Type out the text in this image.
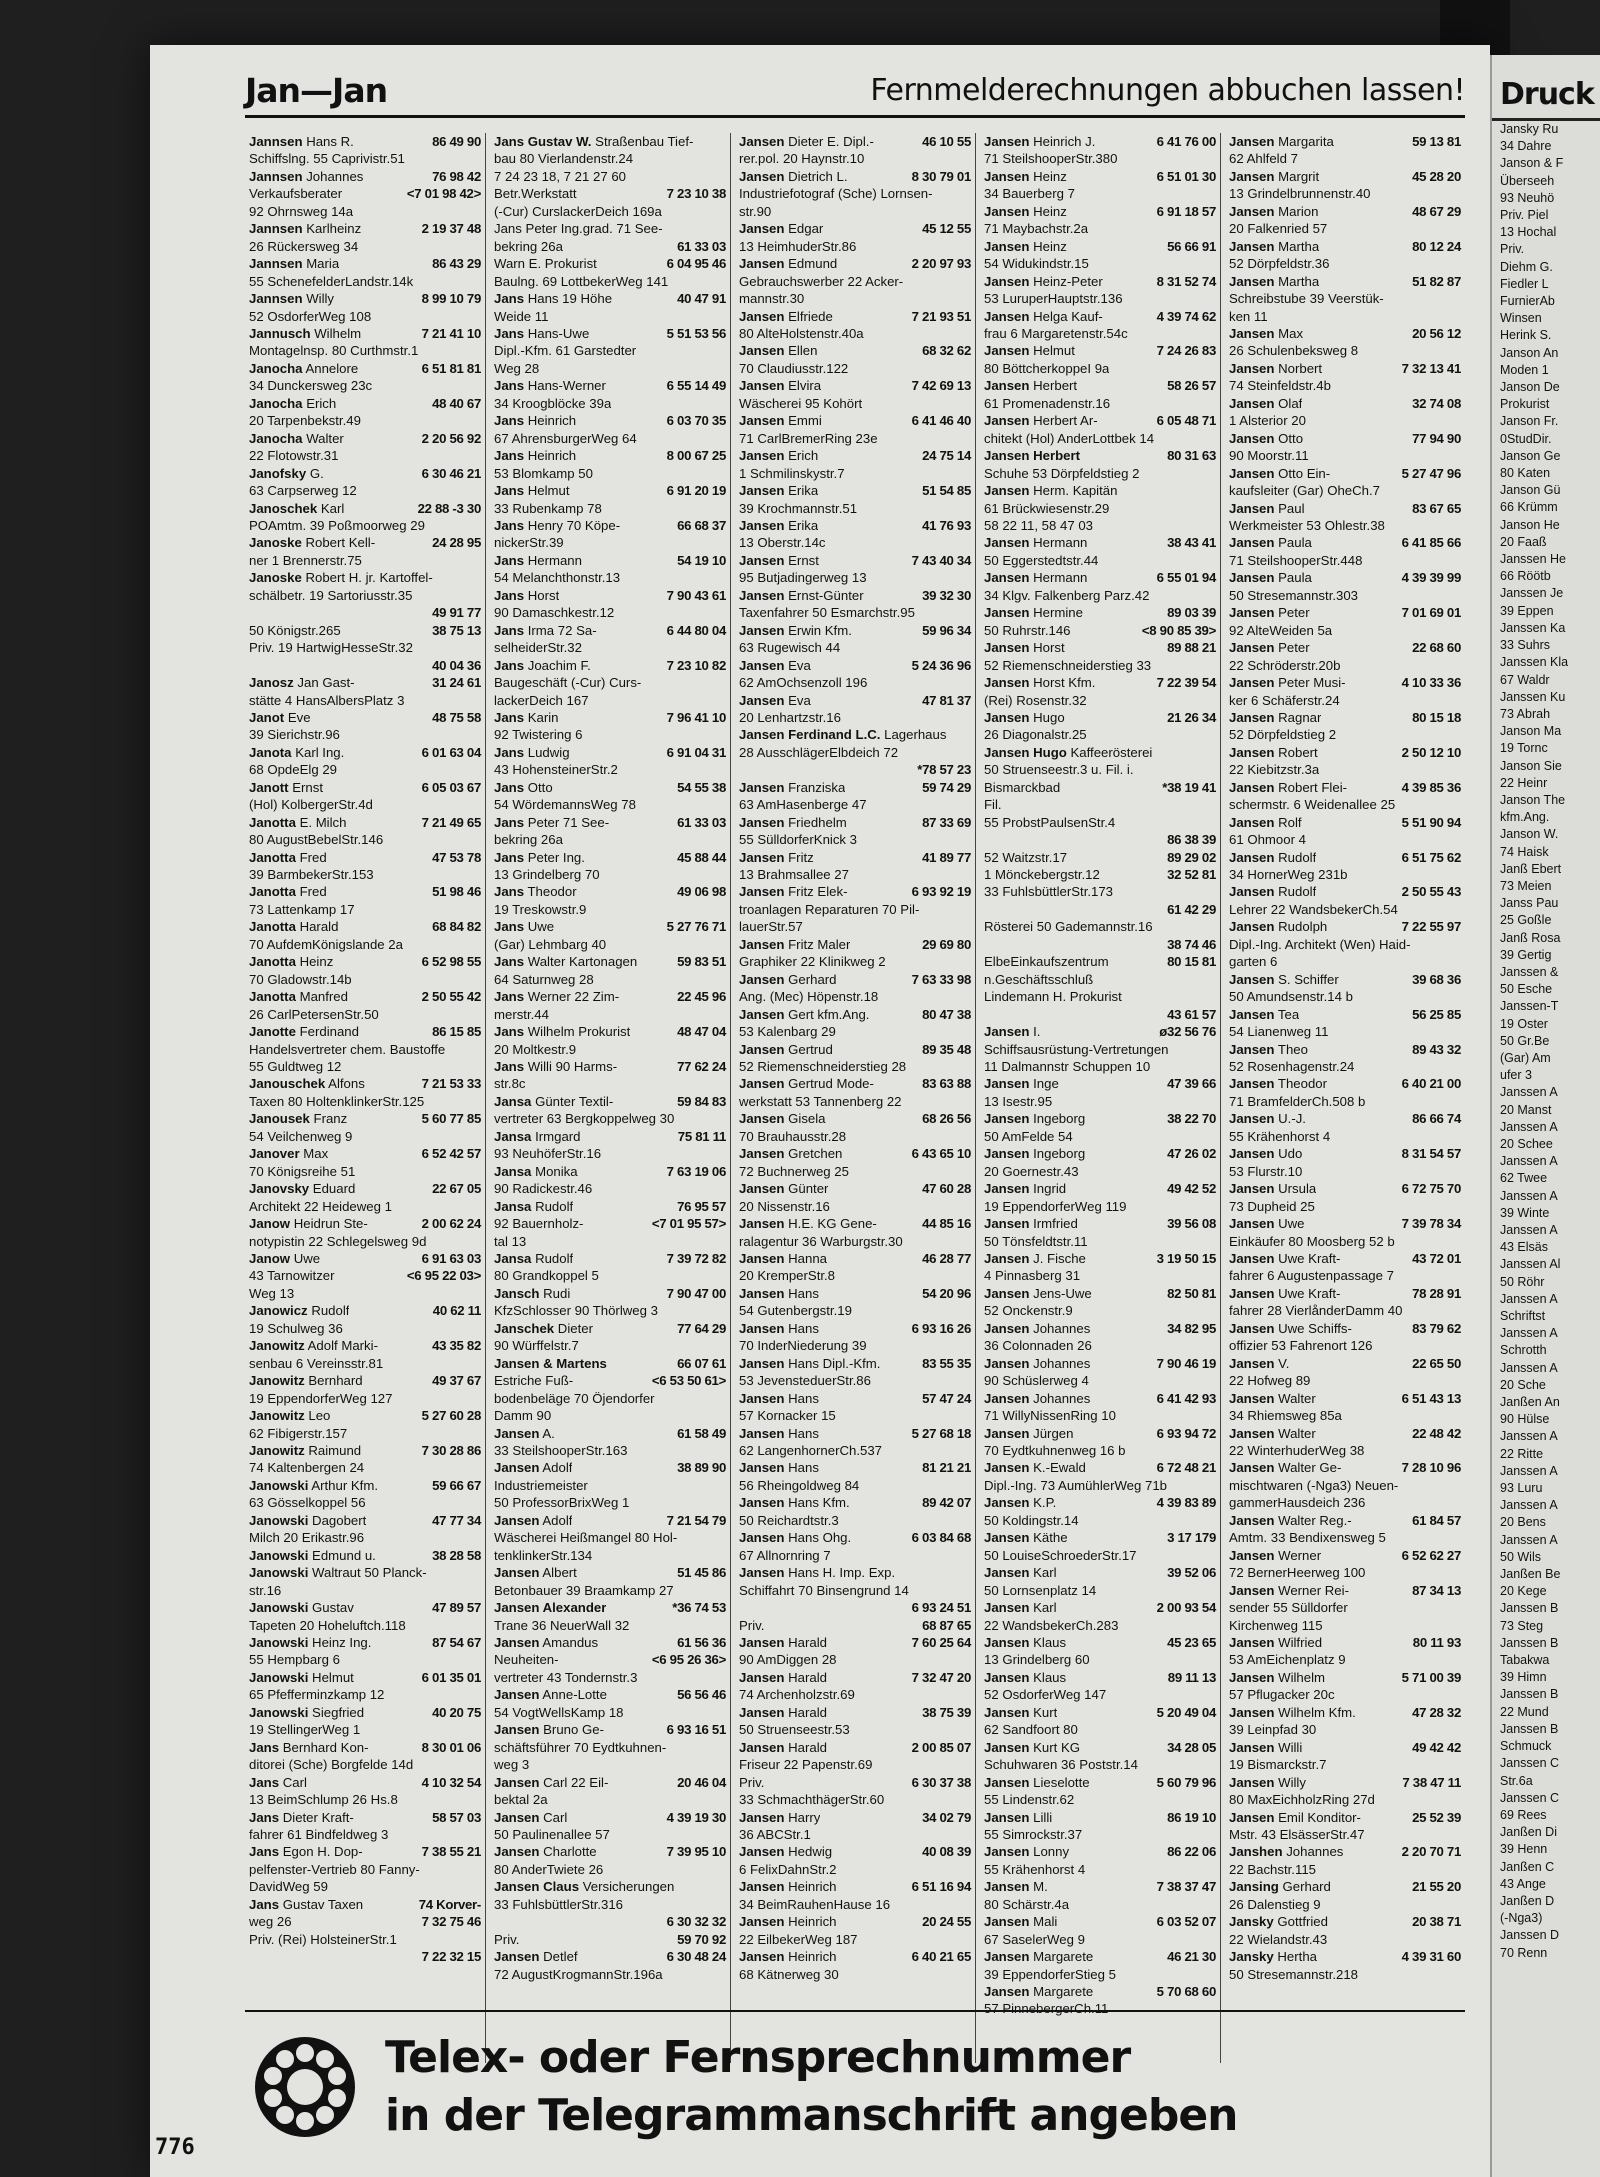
Jan—Jan	Fernmelderechnungen abbuchen lassen!
Jannsen Hans R.	86 49 90
Schiffslng. 55 Caprivistr.51
Jannsen Johannes	76 98 42
Verkaufsberater	<7 01 98 42>
92 Ohrnsweg 14a
Jannsen Karlheinz	2 19 37 48
26 Rückersweg 34
Jannsen Maria	86 43 29
55 SchenefelderLandstr.14k
Jannsen Willy	8 99 10 79
52 OsdorferWeg 108
Jannusch Wilhelm	7 21 41 10
Montagelnsp. 80 Curthmstr.1
Janocha Annelore	6 51 81 81
34 Dunckersweg 23c
Janocha Erich	48 40 67
20 Tarpenbekstr.49
Janocha Walter	2 20 56 92
22 Flotowstr.31
Janofsky G.	6 30 46 21
63 Carpserweg 12
Janoschek Karl	22 88 -3 30
POAmtm. 39 Poßmoorweg 29
Janoske Robert Kell-	24 28 95
ner 1 Brennerstr.75
Janoske Robert H. jr. Kartoffel-
schälbetr. 19 Sartoriusstr.35
49 91 77
50 Königstr.265	38 75 13
Priv. 19 HartwigHesseStr.32
40 04 36
Janosz Jan Gast-	31 24 61
stätte 4 HansAlbersPlatz 3
Janot Eve	48 75 58
39 Sierichstr.96
Janota Karl Ing.	6 01 63 04
68 OpdeElg 29
Janott Ernst	6 05 03 67
(Hol) KolbergerStr.4d
Janotta E. Milch	7 21 49 65
80 AugustBebelStr.146
Janotta Fred	47 53 78
39 BarmbekerStr.153
Janotta Fred	51 98 46
73 Lattenkamp 17
Janotta Harald	68 84 82
70 AufdemKönigslande 2a
Janotta Heinz	6 52 98 55
70 Gladowstr.14b
Janotta Manfred	2 50 55 42
26 CarlPetersenStr.50
Janotte Ferdinand	86 15 85
Handelsvertreter chem. Baustoffe
55 Guldtweg 12
Janouschek Alfons	7 21 53 33
Taxen 80 HoltenklinkerStr.125
Janousek Franz	5 60 77 85
54 Veilchenweg 9
Janover Max	6 52 42 57
70 Königsreihe 51
Janovsky Eduard	22 67 05
Architekt 22 Heideweg 1
Janow Heidrun Ste-	2 00 62 24
notypistin 22 Schlegelsweg 9d
Janow Uwe	6 91 63 03
43 Tarnowitzer	<6 95 22 03>
Weg 13
Janowicz Rudolf	40 62 11
19 Schulweg 36
Janowitz Adolf Marki-	43 35 82
senbau 6 Vereinsstr.81
Janowitz Bernhard	49 37 67
19 EppendorferWeg 127
Janowitz Leo	5 27 60 28
62 Fibigerstr.157
Janowitz Raimund	7 30 28 86
74 Kaltenbergen 24
Janowski Arthur Kfm.	59 66 67
63 Gösselkoppel 56
Janowski Dagobert	47 77 34
Milch 20 Erikastr.96
Janowski Edmund u.	38 28 58
Janowski Waltraut 50 Planck-
str.16
Janowski Gustav	47 89 57
Tapeten 20 Hoheluftch.118
Janowski Heinz Ing.	87 54 67
55 Hempbarg 6
Janowski Helmut	6 01 35 01
65 Pfefferminzkamp 12
Janowski Siegfried	40 20 75
19 StellingerWeg 1
Jans Bernhard Kon-	8 30 01 06
ditorei (Sche) Borgfelde 14d
Jans Carl	4 10 32 54
13 BeimSchlump 26 Hs.8
Jans Dieter Kraft-	58 57 03
fahrer 61 Bindfeldweg 3
Jans Egon H. Dop-	7 38 55 21
pelfenster-Vertrieb 80 Fanny-
DavidWeg 59
Jans Gustav Taxen	74 Korver-
weg 26	7 32 75 46
Priv. (Rei) HolsteinerStr.1
7 22 32 15
Jans Gustav W. Straßenbau Tief-
bau 80 Vierlandenstr.24
7 24 23 18, 7 21 27 60
Betr.Werkstatt	7 23 10 38
(-Cur) CurslackerDeich 169a
Jans Peter Ing.grad. 71 See-
bekring 26a	61 33 03
Warn E. Prokurist	6 04 95 46
Baulng. 69 LottbekerWeg 141
Jans Hans 19 Höhe	40 47 91
Weide 11
Jans Hans-Uwe	5 51 53 56
Dipl.-Kfm. 61 Garstedter
Weg 28
Jans Hans-Werner	6 55 14 49
34 Kroogblöcke 39a
Jans Heinrich	6 03 70 35
67 AhrensburgerWeg 64
Jans Heinrich	8 00 67 25
53 Blomkamp 50
Jans Helmut	6 91 20 19
33 Rubenkamp 78
Jans Henry 70 Köpe-	66 68 37
nickerStr.39
Jans Hermann	54 19 10
54 Melanchthonstr.13
Jans Horst	7 90 43 61
90 Damaschkestr.12
Jans Irma 72 Sa-	6 44 80 04
selheiderStr.32
Jans Joachim F.	7 23 10 82
Baugeschäft (-Cur) Curs-
lackerDeich 167
Jans Karin	7 96 41 10
92 Twistering 6
Jans Ludwig	6 91 04 31
43 HohensteinerStr.2
Jans Otto	54 55 38
54 WördemannsWeg 78
Jans Peter 71 See-	61 33 03
bekring 26a
Jans Peter Ing.	45 88 44
13 Grindelberg 70
Jans Theodor	49 06 98
19 Treskowstr.9
Jans Uwe	5 27 76 71
(Gar) Lehmbarg 40
Jans Walter Kartonagen	59 83 51
64 Saturnweg 28
Jans Werner 22 Zim-	22 45 96
merstr.44
Jans Wilhelm Prokurist	48 47 04
20 Moltkestr.9
Jans Willi 90 Harms-	77 62 24
str.8c
Jansa Günter Textil-	59 84 83
vertreter 63 Bergkoppelweg 30
Jansa Irmgard	75 81 11
93 NeuhöferStr.16
Jansa Monika	7 63 19 06
90 Radickestr.46
Jansa Rudolf	76 95 57
92 Bauernholz-	<7 01 95 57>
tal 13
Jansa Rudolf	7 39 72 82
80 Grandkoppel 5
Jansch Rudi	7 90 47 00
KfzSchlosser 90 Thörlweg 3
Janschek Dieter	77 64 29
90 Würffelstr.7
Jansen & Martens	66 07 61
Estriche Fuß-	<6 53 50 61>
bodenbeläge 70 Öjendorfer
Damm 90
Jansen A.	61 58 49
33 SteilshooperStr.163
Jansen Adolf	38 89 90
Industriemeister
50 ProfessorBrixWeg 1
Jansen Adolf	7 21 54 79
Wäscherei Heißmangel 80 Hol-
tenklinkerStr.134
Jansen Albert	51 45 86
Betonbauer 39 Braamkamp 27
Jansen Alexander	*36 74 53
Trane 36 NeuerWall 32
Jansen Amandus	61 56 36
Neuheiten-	<6 95 26 36>
vertreter 43 Tondernstr.3
Jansen Anne-Lotte	56 56 46
54 VogtWellsKamp 18
Jansen Bruno Ge-	6 93 16 51
schäftsführer 70 Eydtkuhnen-
weg 3
Jansen Carl 22 Eil-	20 46 04
bektal 2a
Jansen Carl	4 39 19 30
50 Paulinenallee 57
Jansen Charlotte	7 39 95 10
80 AnderTwiete 26
Jansen Claus Versicherungen
33 FuhlsbüttlerStr.316
6 30 32 32
Priv.	59 70 92
Jansen Detlef	6 30 48 24
72 AugustKrogmannStr.196a
Jansen Dieter E. Dipl.-	46 10 55
rer.pol. 20 Haynstr.10
Jansen Dietrich L.	8 30 79 01
Industriefotograf (Sche) Lornsen-
str.90
Jansen Edgar	45 12 55
13 HeimhuderStr.86
Jansen Edmund	2 20 97 93
Gebrauchswerber 22 Acker-
mannstr.30
Jansen Elfriede	7 21 93 51
80 AlteHolstenstr.40a
Jansen Ellen	68 32 62
70 Claudiusstr.122
Jansen Elvira	7 42 69 13
Wäscherei 95 Kohört
Jansen Emmi	6 41 46 40
71 CarlBremerRing 23e
Jansen Erich	24 75 14
1 Schmilinskystr.7
Jansen Erika	51 54 85
39 Krochmannstr.51
Jansen Erika	41 76 93
13 Oberstr.14c
Jansen Ernst	7 43 40 34
95 Butjadingerweg 13
Jansen Ernst-Günter	39 32 30
Taxenfahrer 50 Esmarchstr.95
Jansen Erwin Kfm.	59 96 34
63 Rugewisch 44
Jansen Eva	5 24 36 96
62 AmOchsenzoll 196
Jansen Eva	47 81 37
20 Lenhartzstr.16
Jansen Ferdinand L.C. Lagerhaus
28 AusschlägerElbdeich 72
*78 57 23
Jansen Franziska	59 74 29
63 AmHasenberge 47
Jansen Friedhelm	87 33 69
55 SülldorferKnick 3
Jansen Fritz	41 89 77
13 Brahmsallee 27
Jansen Fritz Elek-	6 93 92 19
troanlagen Reparaturen 70 Pil-
lauerStr.57
Jansen Fritz Maler	29 69 80
Graphiker 22 Klinikweg 2
Jansen Gerhard	7 63 33 98
Ang. (Mec) Höpenstr.18
Jansen Gert kfm.Ang.	80 47 38
53 Kalenbarg 29
Jansen Gertrud	89 35 48
52 Riemenschneiderstieg 28
Jansen Gertrud Mode-	83 63 88
werkstatt 53 Tannenberg 22
Jansen Gisela	68 26 56
70 Brauhausstr.28
Jansen Gretchen	6 43 65 10
72 Buchnerweg 25
Jansen Günter	47 60 28
20 Nissenstr.16
Jansen H.E. KG Gene-	44 85 16
ralagentur 36 Warburgstr.30
Jansen Hanna	46 28 77
20 KremperStr.8
Jansen Hans	54 20 96
54 Gutenbergstr.19
Jansen Hans	6 93 16 26
70 InderNiederung 39
Jansen Hans Dipl.-Kfm.	83 55 35
53 JevensteduerStr.86
Jansen Hans	57 47 24
57 Kornacker 15
Jansen Hans	5 27 68 18
62 LangenhornerCh.537
Jansen Hans	81 21 21
56 Rheingoldweg 84
Jansen Hans Kfm.	89 42 07
50 Reichardtstr.3
Jansen Hans Ohg.	6 03 84 68
67 Allnornring 7
Jansen Hans H. Imp. Exp.
Schiffahrt 70 Binsengrund 14
6 93 24 51
Priv.	68 87 65
Jansen Harald	7 60 25 64
90 AmDiggen 28
Jansen Harald	7 32 47 20
74 Archenholzstr.69
Jansen Harald	38 75 39
50 Struenseestr.53
Jansen Harald	2 00 85 07
Friseur 22 Papenstr.69
Priv.	6 30 37 38
33 SchmachthägerStr.60
Jansen Harry	34 02 79
36 ABCStr.1
Jansen Hedwig	40 08 39
6 FelixDahnStr.2
Jansen Heinrich	6 51 16 94
34 BeimRauhenHause 16
Jansen Heinrich	20 24 55
22 EilbekerWeg 187
Jansen Heinrich	6 40 21 65
68 Kätnerweg 30
Jansen Heinrich J.	6 41 76 00
71 SteilshooperStr.380
Jansen Heinz	6 51 01 30
34 Bauerberg 7
Jansen Heinz	6 91 18 57
71 Maybachstr.2a
Jansen Heinz	56 66 91
54 Widukindstr.15
Jansen Heinz-Peter	8 31 52 74
53 LuruperHauptstr.136
Jansen Helga Kauf-	4 39 74 62
frau 6 Margaretenstr.54c
Jansen Helmut	7 24 26 83
80 BöttcherkoppeI 9a
Jansen Herbert	58 26 57
61 Promenadenstr.16
Jansen Herbert Ar-	6 05 48 71
chitekt (Hol) AnderLottbek 14
Jansen Herbert	80 31 63
Schuhe 53 Dörpfeldstieg 2
Jansen Herm. Kapitän
61 Brückwiesenstr.29
58 22 11, 58 47 03
Jansen Hermann	38 43 41
50 Eggerstedtstr.44
Jansen Hermann	6 55 01 94
34 Klgv. Falkenberg Parz.42
Jansen Hermine	89 03 39
50 Ruhrstr.146	<8 90 85 39>
Jansen Horst	89 88 21
52 Riemenschneiderstieg 33
Jansen Horst Kfm.	7 22 39 54
(Rei) Rosenstr.32
Jansen Hugo	21 26 34
26 Diagonalstr.25
Jansen Hugo Kaffeerösterei
50 Struenseestr.3 u. Fil. i.
Bismarckbad	*38 19 41
Fil.
55 ProbstPaulsenStr.4
86 38 39
52 Waitzstr.17	89 29 02
1 Mönckebergstr.12	32 52 81
33 FuhlsbüttlerStr.173
61 42 29
Rösterei 50 Gademannstr.16
38 74 46
ElbeEinkaufszentrum	80 15 81
n.Geschäftsschluß
Lindemann H. Prokurist
43 61 57
Jansen I.	ø32 56 76
Schiffsausrüstung-Vertretungen
11 Dalmannstr Schuppen 10
Jansen Inge	47 39 66
13 Isestr.95
Jansen Ingeborg	38 22 70
50 AmFelde 54
Jansen Ingeborg	47 26 02
20 Goernestr.43
Jansen Ingrid	49 42 52
19 EppendorferWeg 119
Jansen Irmfried	39 56 08
50 Tönsfeldtstr.11
Jansen J. Fische	3 19 50 15
4 Pinnasberg 31
Jansen Jens-Uwe	82 50 81
52 Onckenstr.9
Jansen Johannes	34 82 95
36 Colonnaden 26
Jansen Johannes	7 90 46 19
90 Schüslerweg 4
Jansen Johannes	6 41 42 93
71 WillyNissenRing 10
Jansen Jürgen	6 93 94 72
70 Eydtkuhnenweg 16 b
Jansen K.-Ewald	6 72 48 21
Dipl.-Ing. 73 AumühlerWeg 71b
Jansen K.P.	4 39 83 89
50 Koldingstr.14
Jansen Käthe	3 17 179
50 LouiseSchroederStr.17
Jansen Karl	39 52 06
50 Lornsenplatz 14
Jansen Karl	2 00 93 54
22 WandsbekerCh.283
Jansen Klaus	45 23 65
13 Grindelberg 60
Jansen Klaus	89 11 13
52 OsdorferWeg 147
Jansen Kurt	5 20 49 04
62 Sandfoort 80
Jansen Kurt KG	34 28 05
Schuhwaren 36 Poststr.14
Jansen Lieselotte	5 60 79 96
55 Lindenstr.62
Jansen Lilli	86 19 10
55 Simrockstr.37
Jansen Lonny	86 22 06
55 Krähenhorst 4
Jansen M.	7 38 37 47
80 Schärstr.4a
Jansen Mali	6 03 52 07
67 SaselerWeg 9
Jansen Margarete	46 21 30
39 EppendorferStieg 5
Jansen Margarete	5 70 68 60
57 PinnebergerCh.11
Jansen Margarita	59 13 81
62 Ahlfeld 7
Jansen Margrit	45 28 20
13 Grindelbrunnenstr.40
Jansen Marion	48 67 29
20 Falkenried 57
Jansen Martha	80 12 24
52 Dörpfeldstr.36
Jansen Martha	51 82 87
Schreibstube 39 Veerstük-
ken 11
Jansen Max	20 56 12
26 Schulenbeksweg 8
Jansen Norbert	7 32 13 41
74 Steinfeldstr.4b
Jansen Olaf	32 74 08
1 Alsterior 20
Jansen Otto	77 94 90
90 Moorstr.11
Jansen Otto Ein-	5 27 47 96
kaufsleiter (Gar) OheCh.7
Jansen Paul	83 67 65
Werkmeister 53 Ohlestr.38
Jansen Paula	6 41 85 66
71 SteilshooperStr.448
Jansen Paula	4 39 39 99
50 Stresemannstr.303
Jansen Peter	7 01 69 01
92 AlteWeiden 5a
Jansen Peter	22 68 60
22 Schröderstr.20b
Jansen Peter Musi-	4 10 33 36
ker 6 Schäferstr.24
Jansen Ragnar	80 15 18
52 Dörpfeldstieg 2
Jansen Robert	2 50 12 10
22 Kiebitzstr.3a
Jansen Robert Flei-	4 39 85 36
schermstr. 6 Weidenallee 25
Jansen Rolf	5 51 90 94
61 Ohmoor 4
Jansen Rudolf	6 51 75 62
34 HornerWeg 231b
Jansen Rudolf	2 50 55 43
Lehrer 22 WandsbekerCh.54
Jansen Rudolph	7 22 55 97
Dipl.-Ing. Architekt (Wen) Haid-
garten 6
Jansen S. Schiffer	39 68 36
50 Amundsenstr.14 b
Jansen Tea	56 25 85
54 Lianenweg 11
Jansen Theo	89 43 32
52 Rosenhagenstr.24
Jansen Theodor	6 40 21 00
71 BramfelderCh.508 b
Jansen U.-J.	86 66 74
55 Krähenhorst 4
Jansen Udo	8 31 54 57
53 Flurstr.10
Jansen Ursula	6 72 75 70
73 Dupheid 25
Jansen Uwe	7 39 78 34
Einkäufer 80 Moosberg 52 b
Jansen Uwe Kraft-	43 72 01
fahrer 6 Augustenpassage 7
Jansen Uwe Kraft-	78 28 91
fahrer 28 VierlånderDamm 40
Jansen Uwe Schiffs-	83 79 62
offizier 53 Fahrenort 126
Jansen V.	22 65 50
22 Hofweg 89
Jansen Walter	6 51 43 13
34 Rhiemsweg 85a
Jansen Walter	22 48 42
22 WinterhuderWeg 38
Jansen Walter Ge-	7 28 10 96
mischtwaren (-Nga3) Neuen-
gammerHausdeich 236
Jansen Walter Reg.-	61 84 57
Amtm. 33 Bendixensweg 5
Jansen Werner	6 52 62 27
72 BernerHeerweg 100
Jansen Werner Rei-	87 34 13
sender 55 Sülldorfer
Kirchenweg 115
Jansen Wilfried	80 11 93
53 AmEichenplatz 9
Jansen Wilhelm	5 71 00 39
57 Pflugacker 20c
Jansen Wilhelm Kfm.	47 28 32
39 Leinpfad 30
Jansen Willi	49 42 42
19 Bismarckstr.7
Jansen Willy	7 38 47 11
80 MaxEichholzRing 27d
Jansen Emil Konditor-	25 52 39
Mstr. 43 ElsässerStr.47
Janshen Johannes	2 20 70 71
22 Bachstr.115
Jansing Gerhard	21 55 20
26 Dalenstieg 9
Jansky Gottfried	20 38 71
22 Wielandstr.43
Jansky Hertha	4 39 31 60
50 Stresemannstr.218
Telex- oder Fernsprechnummer
in der Telegrammanschrift angeben
776
Druck
Jansky Ru
34 Dahre
Janson & F
Überseeh
93 Neuhö
Priv. Piel
13 Hochal
Priv.
Diehm G.
Fiedler L
FurnierAb
Winsen
Herink S.
Janson An
Moden 1
Janson De
Prokurist
Janson Fr.
0StudDir.
Janson Ge
80 Katen
Janson Gü
66 Krümm
Janson He
20 Faaß
Janssen He
66 Röötb
Janssen Je
39 Eppen
Janssen Ka
33 Suhrs
Janssen Kla
67 Waldr
Janssen Ku
73 Abrah
Janson Ma
19 Tornc
Janson Sie
22 Heinr
Janson The
kfm.Ang.
Janson W.
74 Haisk
Janß Ebert
73 Meien
Janss Pau
25 Goßle
Janß Rosa
39 Gertig
Janssen &
50 Esche
Janssen-T
19 Oster
50 Gr.Be
(Gar) Am
ufer 3
Janssen A
20 Manst
Janssen A
20 Schee
Janssen A
62 Twee
Janssen A
39 Winte
Janssen A
43 Elsäs
Janssen Al
50 Röhr
Janssen A
Schriftst
Janssen A
Schrotth
Janssen A
20 Sche
Janßen An
90 Hülse
Janssen A
22 Ritte
Janssen A
93 Luru
Janssen A
20 Bens
Janssen A
50 Wils
Janßen Be
20 Kege
Janssen B
73 Steg
Janssen B
Tabakwa
39 Himn
Janssen B
22 Mund
Janssen B
Schmuck
Janssen C
Str.6a
Janssen C
69 Rees
Janßen Di
39 Henn
Janßen C
43 Ange
Janßen D
(-Nga3)
Janssen D
70 Renn
